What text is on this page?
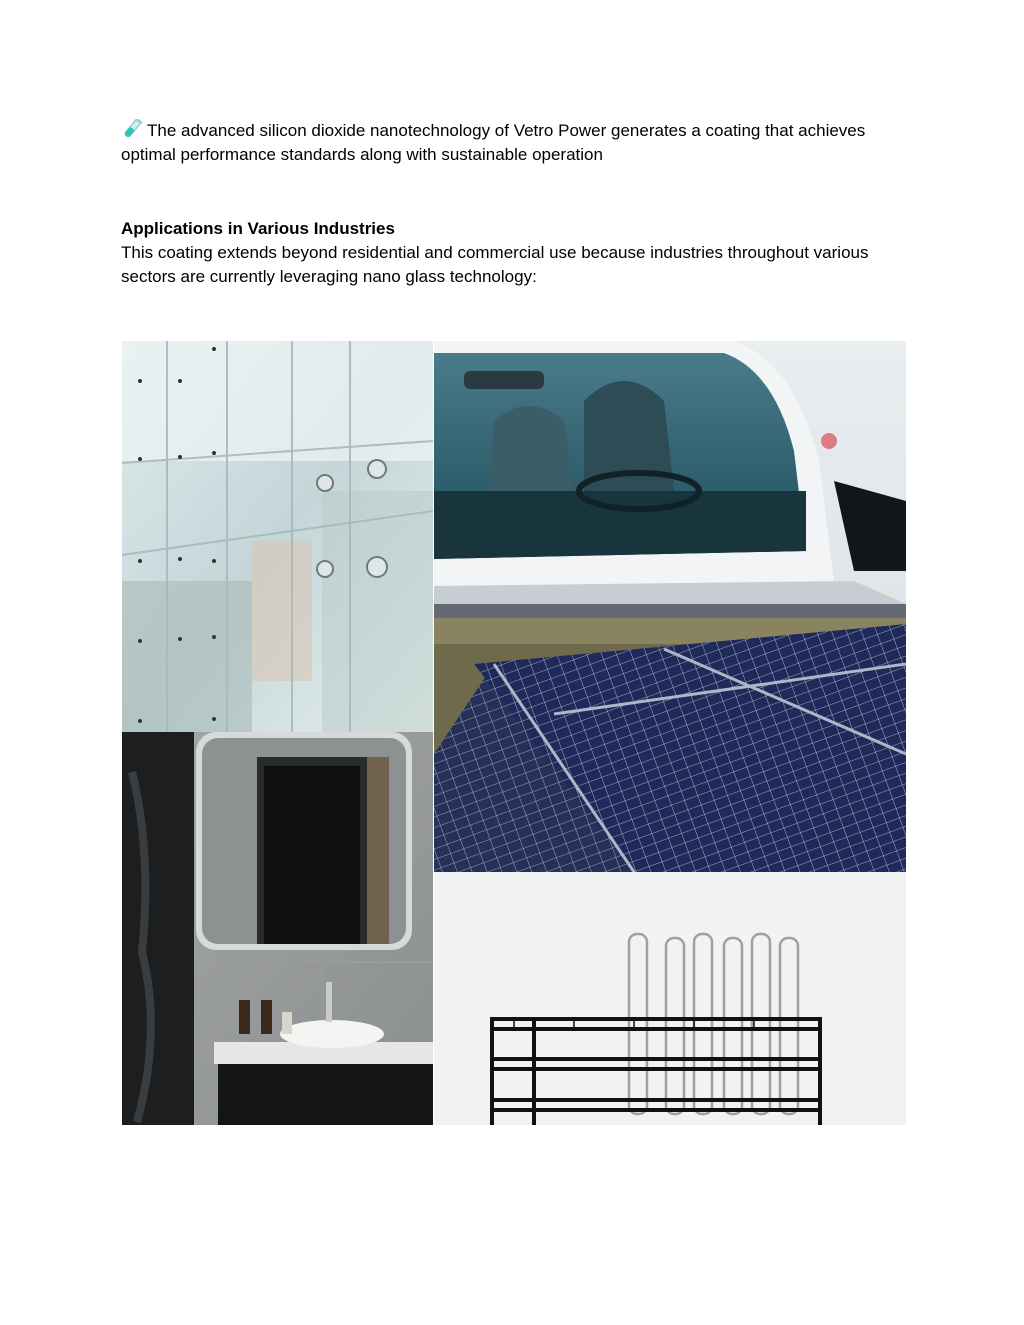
The advanced silicon dioxide nanotechnology of Vetro Power generates a coating that achieves optimal performance standards along with sustainable operation
Applications in Various Industries
This coating extends beyond residential and commercial use because industries throughout various sectors are currently leveraging nano glass technology:
